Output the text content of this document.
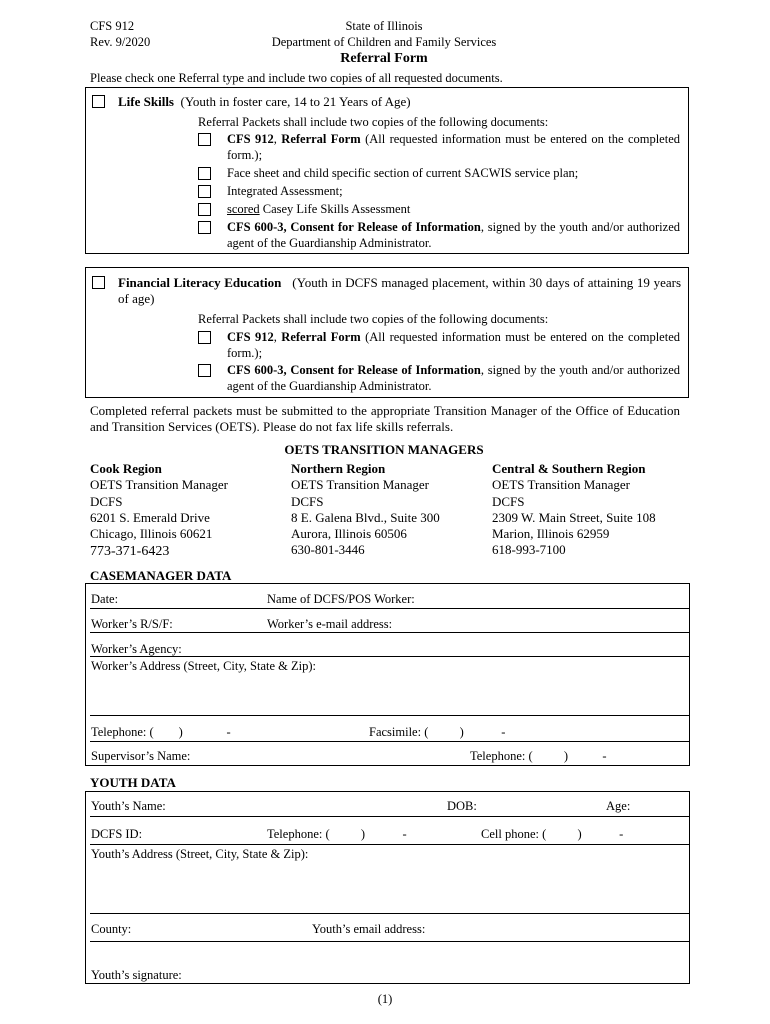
CFS 912
Rev. 9/2020
State of Illinois
Department of Children and Family Services
Referral Form
Please check one Referral type and include two copies of all requested documents.
Life Skills (Youth in foster care, 14 to 21 Years of Age)
Referral Packets shall include two copies of the following documents:
CFS 912, Referral Form (All requested information must be entered on the completed form.);
Face sheet and child specific section of current SACWIS service plan;
Integrated Assessment;
scored Casey Life Skills Assessment
CFS 600-3, Consent for Release of Information, signed by the youth and/or authorized agent of the Guardianship Administrator.
Financial Literacy Education (Youth in DCFS managed placement, within 30 days of attaining 19 years of age)
Referral Packets shall include two copies of the following documents:
CFS 912, Referral Form (All requested information must be entered on the completed form.);
CFS 600-3, Consent for Release of Information, signed by the youth and/or authorized agent of the Guardianship Administrator.
Completed referral packets must be submitted to the appropriate Transition Manager of the Office of Education and Transition Services (OETS). Please do not fax life skills referrals.
OETS TRANSITION MANAGERS
Cook Region
OETS Transition Manager
DCFS
6201 S. Emerald Drive
Chicago, Illinois 60621
773-371-6423
Northern Region
OETS Transition Manager
DCFS
8 E. Galena Blvd., Suite 300
Aurora, Illinois 60506
630-801-3446
Central & Southern Region
OETS Transition Manager
DCFS
2309 W. Main Street, Suite 108
Marion, Illinois 62959
618-993-7100
CASEMANAGER DATA
Date:	Name of DCFS/POS Worker:
Worker’s R/S/F:	Worker’s e-mail address:
Worker’s Agency:
Worker’s Address (Street, City, State & Zip):
Telephone: (        )              -	Facsimile: (          )            -
Supervisor’s Name:	Telephone: (          )           -
YOUTH DATA
Youth’s Name:	DOB:	Age:
DCFS ID:	Telephone: (          )            -	Cell phone: (          )            -
Youth’s Address (Street, City, State & Zip):
County:	Youth’s email address:
Youth’s signature:
(1)
